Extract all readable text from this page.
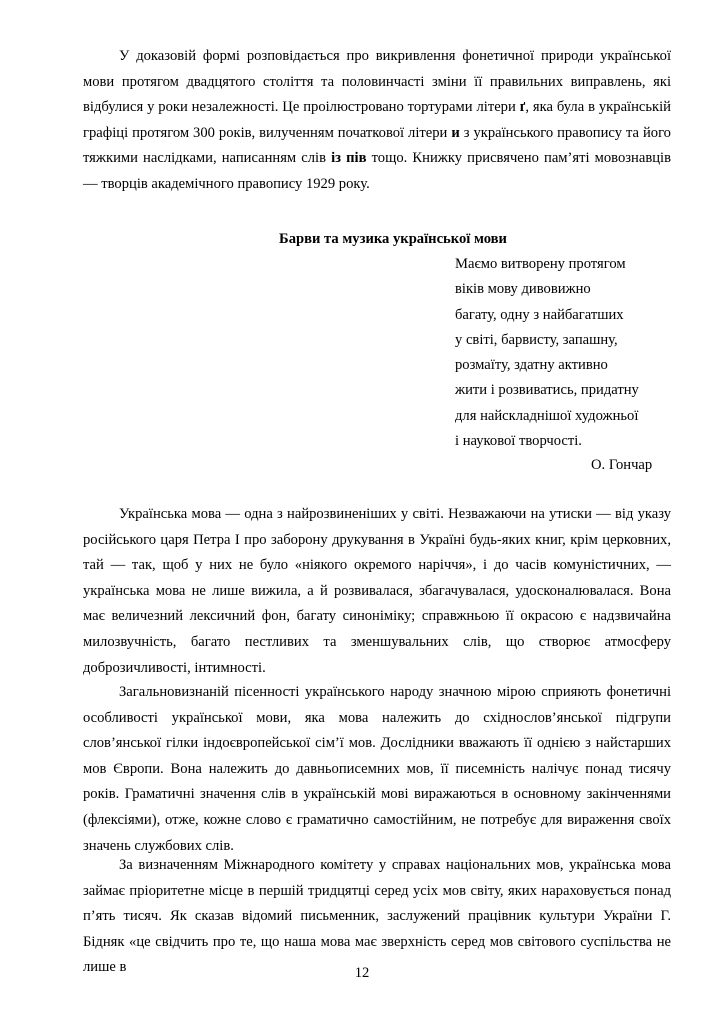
У доказовій формі розповідається про викривлення фонетичної природи української мови протягом двадцятого століття та половинчасті зміни її правильних виправлень, які відбулися у роки незалежності. Це проілюстровано тортурами літери ґ, яка була в українській графіці протягом 300 років, вилученням початкової літери и з українського правопису та його тяжкими наслідками, написанням слів із пів тощо. Книжку присвячено пам’яті мовознавців — творців академічного правопису 1929 року.

Барви та музика української мови

Маємо витворену протягом
віків мову дивовижно
багату, одну з найбагатших
у світі, барвисту, запашну,
розмаїту, здатну активно
жити і розвиватись, придатну
для найскладнішої художньої
і наукової творчості.
О. Гончар

Українська мова — одна з найрозвиненіших у світі. Незважаючи на утиски — від указу російського царя Петра І про заборону друкування в Україні будь-яких книг, крім церковних, тай — так, щоб у них не було «ніякого окремого наріччя», і до часів комуністичних, — українська мова не лише вижила, а й розвивалася, збагачувалася, удосконалювалася. Вона має величезний лексичний фон, багату синоніміку; справжньою її окрасою є надзвичайна милозвучність, багато пестливих та зменшувальних слів, що створює атмосферу доброзичливості, інтимності.

Загальновизнаній пісенності українського народу значною мірою сприяють фонетичні особливості української мови, яка мова належить до східнослов’янської підгрупи слов’янської гілки індоєвропейської сім’ї мов. Дослідники вважають її однією з найстарших мов Європи. Вона належить до давньописемних мов, її писемність налічує понад тисячу років. Граматичні значення слів в українській мові виражаються в основному закінченнями (флексіями), отже, кожне слово є граматично самостійним, не потребує для вираження своїх значень службових слів.

За визначенням Міжнародного комітету у справах національних мов, українська мова займає пріоритетне місце в першій тридцятці серед усіх мов світу, яких нараховується понад п’ять тисяч. Як сказав відомий письменник, заслужений працівник культури України Г. Бідняк «це свідчить про те, що наша мова має зверхність серед мов світового суспільства не лише в	12
